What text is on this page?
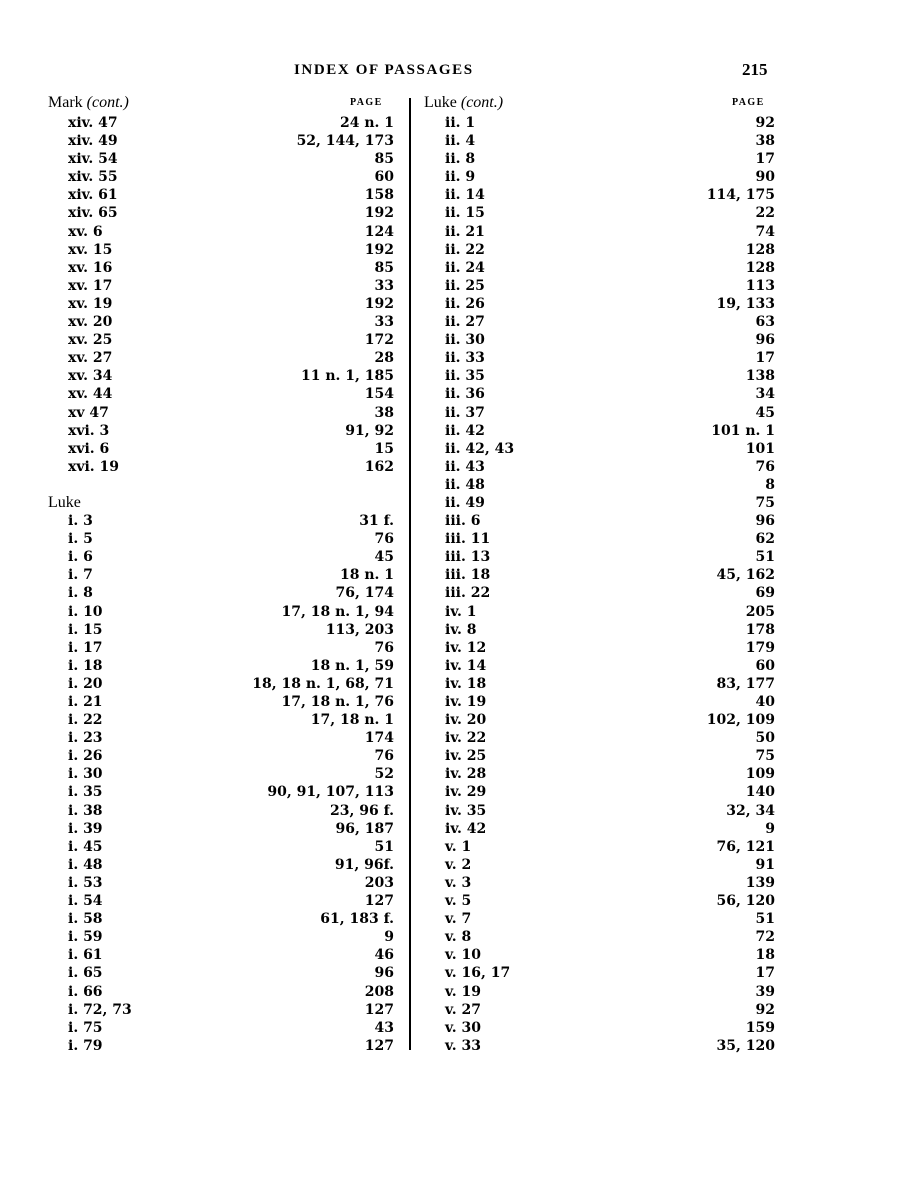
INDEX OF PASSAGES	215
Mark (cont.)	PAGE	Luke (cont.)	PAGE
xiv. 47	24 n. 1
xiv. 49	52, 144, 173
xiv. 54	85
xiv. 55	60
xiv. 61	158
xiv. 65	192
xv. 6	124
xv. 15	192
xv. 16	85
xv. 17	33
xv. 19	192
xv. 20	33
xv. 25	172
xv. 27	28
xv. 34	11 n. 1, 185
xv. 44	154
xv 47	38
xvi. 3	91, 92
xvi. 6	15
xvi. 19	162
Luke
i. 3	31 f.
i. 5	76
i. 6	45
i. 7	18 n. 1
i. 8	76, 174
i. 10	17, 18 n. 1, 94
i. 15	113, 203
i. 17	76
i. 18	18 n. 1, 59
i. 20	18, 18 n. 1, 68, 71
i. 21	17, 18 n. 1, 76
i. 22	17, 18 n. 1
i. 23	174
i. 26	76
i. 30	52
i. 35	90, 91, 107, 113
i. 38	23, 96 f.
i. 39	96, 187
i. 45	51
i. 48	91, 96f.
i. 53	203
i. 54	127
i. 58	61, 183 f.
i. 59	9
i. 61	46
i. 65	96
i. 66	208
i. 72, 73	127
i. 75	43
i. 79	127
ii. 1	92
ii. 4	38
ii. 8	17
ii. 9	90
ii. 14	114, 175
ii. 15	22
ii. 21	74
ii. 22	128
ii. 24	128
ii. 25	113
ii. 26	19, 133
ii. 27	63
ii. 30	96
ii. 33	17
ii. 35	138
ii. 36	34
ii. 37	45
ii. 42	101 n. 1
ii. 42, 43	101
ii. 43	76
ii. 48	8
ii. 49	75
iii. 6	96
iii. 11	62
iii. 13	51
iii. 18	45, 162
iii. 22	69
iv. 1	205
iv. 8	178
iv. 12	179
iv. 14	60
iv. 18	83, 177
iv. 19	40
iv. 20	102, 109
iv. 22	50
iv. 25	75
iv. 28	109
iv. 29	140
iv. 35	32, 34
iv. 42	9
v. 1	76, 121
v. 2	91
v. 3	139
v. 5	56, 120
v. 7	51
v. 8	72
v. 10	18
v. 16, 17	17
v. 19	39
v. 27	92
v. 30	159
v. 33	35, 120
